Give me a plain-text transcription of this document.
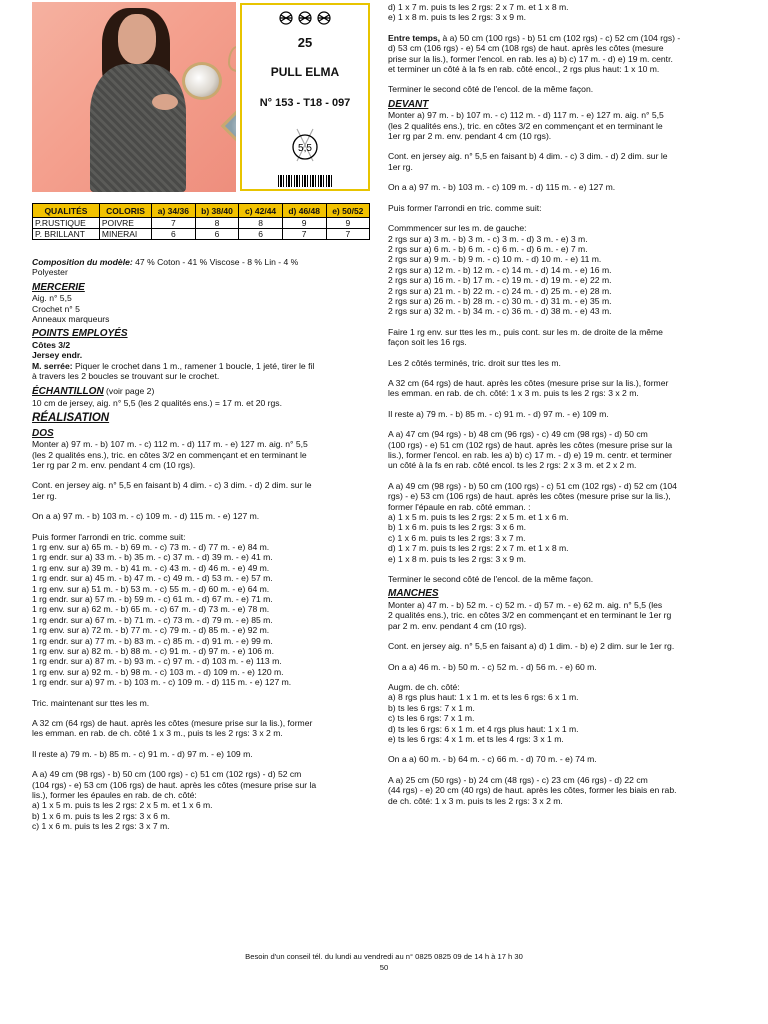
25
PULL ELMA
N° 153 - T18 - 097
5,5
QUALITÉS	COLORIS	a) 34/36	b) 38/40	c) 42/44	d) 46/48	e) 50/52
P.RUSTIQUE	POIVRE	7	8	8	9	9
P. BRILLANT	MINERAI	6	6	6	7	7

Composition du modèle: 47 % Coton - 41 % Viscose - 8 % Lin - 4 %

Polyester

MERCERIE

Aig. n° 5,5

Crochet n° 5

Anneaux marqueurs

POINTS EMPLOYÉS

Côtes 3/2

Jersey endr.

M. serrée: Piquer le crochet dans 1 m., ramener 1 boucle, 1 jeté, tirer le fil

à travers les 2 boucles se trouvant sur le crochet.

ÉCHANTILLON (voir page 2)

10 cm de jersey, aig. n° 5,5 (les 2 qualités ens.) = 17 m. et 20 rgs.

RÉALISATION
DOS

Monter a) 97 m. - b) 107 m. - c) 112 m. - d) 117 m. - e) 127 m. aig. n° 5,5

(les 2 qualités ens.), tric. en côtes 3/2 en commençant et en terminant le

1er rg par 2 m. env. pendant 4 cm (10 rgs).

Cont. en jersey aig. n° 5,5 en faisant b) 4 dim. - c) 3 dim. - d) 2 dim. sur le

1er rg.

On a a) 97 m. - b) 103 m. - c) 109 m. - d) 115 m. - e) 127 m.

Puis former l'arrondi en tric. comme suit:

1 rg env. sur a) 65 m. - b) 69 m. - c) 73 m. - d) 77 m. - e) 84 m.

1 rg endr. sur a) 33 m. - b) 35 m. - c) 37 m. - d) 39 m. - e) 41 m.

1 rg env. sur a) 39 m. - b) 41 m. - c) 43 m. - d) 46 m. - e) 49 m.

1 rg endr. sur a) 45 m. - b) 47 m. - c) 49 m. - d) 53 m. - e) 57 m.

1 rg env. sur a) 51 m. - b) 53 m. - c) 55 m. - d) 60 m. - e) 64 m.

1 rg endr. sur a) 57 m. - b) 59 m. - c) 61 m. - d) 67 m. - e) 71 m.

1 rg env. sur a) 62 m. - b) 65 m. - c) 67 m. - d) 73 m. - e) 78 m.

1 rg endr. sur a) 67 m. - b) 71 m. - c) 73 m. - d) 79 m. - e) 85 m.

1 rg env. sur a) 72 m. - b) 77 m. - c) 79 m. - d) 85 m. - e) 92 m.

1 rg endr. sur a) 77 m. - b) 83 m. - c) 85 m. - d) 91 m. - e) 99 m.

1 rg env. sur a) 82 m. - b) 88 m. - c) 91 m. - d) 97 m. - e) 106 m.

1 rg endr. sur a) 87 m. - b) 93 m. - c) 97 m. - d) 103 m. - e) 113 m.

1 rg env. sur a) 92 m. - b) 98 m. - c) 103 m. - d) 109 m. - e) 120 m.

1 rg endr. sur a) 97 m. - b) 103 m. - c) 109 m. - d) 115 m. - e) 127 m.

Tric. maintenant sur ttes les m.

A 32 cm (64 rgs) de haut. après les côtes (mesure prise sur la lis.), former

les emman. en rab. de ch. côté 1 x 3 m., puis ts les 2 rgs: 3 x 2 m.

Il reste a) 79 m. - b) 85 m. - c) 91 m. - d) 97 m. - e) 109 m.

A a) 49 cm (98 rgs) - b) 50 cm (100 rgs) - c) 51 cm (102 rgs) - d) 52 cm

(104 rgs) - e) 53 cm (106 rgs) de haut. après les côtes (mesure prise sur la

lis.), former les épaules en rab. de ch. côté:

a) 1 x 5 m. puis ts les 2 rgs: 2 x 5 m. et 1 x 6 m.

b) 1 x 6 m. puis ts les 2 rgs: 3 x 6 m.

c) 1 x 6 m. puis ts les 2 rgs: 3 x 7 m.

d) 1 x 7 m. puis ts les 2 rgs: 2 x 7 m. et 1 x 8 m.

e) 1 x 8 m. puis ts les 2 rgs: 3 x 9 m.

Entre temps, à a) 50 cm (100 rgs) - b) 51 cm (102 rgs) - c) 52 cm (104 rgs) -

d) 53 cm (106 rgs) - e) 54 cm (108 rgs) de haut. après les côtes (mesure

prise sur la lis.), former l'encol. en rab. les a) b) c) 17 m. - d) e) 19 m. centr.

et terminer un côté à la fs en rab. côté encol., 2 rgs plus haut: 1 x 10 m.

Terminer le second côté de l'encol. de la même façon.

DEVANT

Monter a) 97 m. - b) 107 m. - c) 112 m. - d) 117 m. - e) 127 m. aig. n° 5,5

(les 2 qualités ens.), tric. en côtes 3/2 en commençant et en terminant le

1er rg par 2 m. env. pendant 4 cm (10 rgs).

Cont. en jersey aig. n° 5,5 en faisant b) 4 dim. - c) 3 dim. - d) 2 dim. sur le

1er rg.

On a a) 97 m. - b) 103 m. - c) 109 m. - d) 115 m. - e) 127 m.

Puis former l'arrondi en tric. comme suit:

Commmencer sur les m. de gauche:

2 rgs sur a) 3 m. - b) 3 m. - c) 3 m. - d) 3 m. - e) 3 m.

2 rgs sur a) 6 m. - b) 6 m. - c) 6 m. - d) 6 m. - e) 7 m.

2 rgs sur a) 9 m. - b) 9 m. - c) 10 m. - d) 10 m. - e) 11 m.

2 rgs sur a) 12 m. - b) 12 m. - c) 14 m. - d) 14 m. - e) 16 m.

2 rgs sur a) 16 m. - b) 17 m. - c) 19 m. - d) 19 m. - e) 22 m.

2 rgs sur a) 21 m. - b) 22 m. - c) 24 m. - d) 25 m. - e) 28 m.

2 rgs sur a) 26 m. - b) 28 m. - c) 30 m. - d) 31 m. - e) 35 m.

2 rgs sur a) 32 m. - b) 34 m. - c) 36 m. - d) 38 m. - e) 43 m.

Faire 1 rg env. sur ttes les m., puis cont. sur les m. de droite de la même

façon soit les 16 rgs.

Les 2 côtés terminés, tric. droit sur ttes les m.

A 32 cm (64 rgs) de haut. après les côtes (mesure prise sur la lis.), former

les emman. en rab. de ch. côté: 1 x 3 m. puis ts les 2 rgs: 3 x 2 m.

Il reste a) 79 m. - b) 85 m. - c) 91 m. - d) 97 m. - e) 109 m.

A a) 47 cm (94 rgs) - b) 48 cm (96 rgs) - c) 49 cm (98 rgs) - d) 50 cm

(100 rgs) - e) 51 cm (102 rgs) de haut. après les côtes (mesure prise sur la

lis.), former l'encol. en rab. les a) b) c) 17 m. - d) e) 19 m. centr. et terminer

un côté à la fs en rab. côté encol. ts les 2 rgs: 2 x 3 m. et 2 x 2 m.

A a) 49 cm (98 rgs) - b) 50 cm (100 rgs) - c) 51 cm (102 rgs) - d) 52 cm (104

rgs) - e) 53 cm (106 rgs) de haut. après les côtes (mesure prise sur la lis.),

former l'épaule en rab. côté emman. :

a) 1 x 5 m. puis ts les 2 rgs: 2 x 5 m. et 1 x 6 m.

b) 1 x 6 m. puis ts les 2 rgs: 3 x 6 m.

c) 1 x 6 m. puis ts les 2 rgs: 3 x 7 m.

d) 1 x 7 m. puis ts les 2 rgs: 2 x 7 m. et 1 x 8 m.

e) 1 x 8 m. puis ts les 2 rgs: 3 x 9 m.

Terminer le second côté de l'encol. de la même façon.

MANCHES

Monter a) 47 m. - b) 52 m. - c) 52 m. - d) 57 m. - e) 62 m. aig. n° 5,5 (les

2 qualités ens.), tric. en côtes 3/2 en commençant et en terminant le 1er rg

par 2 m. env. pendant 4 cm (10 rgs).

Cont. en jersey aig. n° 5,5 en faisant a) d) 1 dim. - b) e) 2 dim. sur le 1er rg.

On a a) 46 m. - b) 50 m. - c) 52 m. - d) 56 m. - e) 60 m.

Augm. de ch. côté:

a) 8 rgs plus haut: 1 x 1 m. et ts les 6 rgs: 6 x 1 m.

b) ts les 6 rgs: 7 x 1 m.

c) ts les 6 rgs: 7 x 1 m.

d) ts les 6 rgs: 6 x 1 m. et 4 rgs plus haut: 1 x 1 m.

e) ts les 6 rgs: 4 x 1 m. et ts les 4 rgs: 3 x 1 m.

On a a) 60 m. - b) 64 m. - c) 66 m. - d) 70 m. - e) 74 m.

A a) 25 cm (50 rgs) - b) 24 cm (48 rgs) - c) 23 cm (46 rgs) - d) 22 cm

(44 rgs) - e) 20 cm (40 rgs) de haut. après les côtes, former les biais en rab.

de ch. côté: 1 x 3 m. puis ts les 2 rgs: 3 x 2 m.

Besoin d'un conseil tél. du lundi au vendredi au n° 0825 0825 09 de 14 h à 17 h 30
50
